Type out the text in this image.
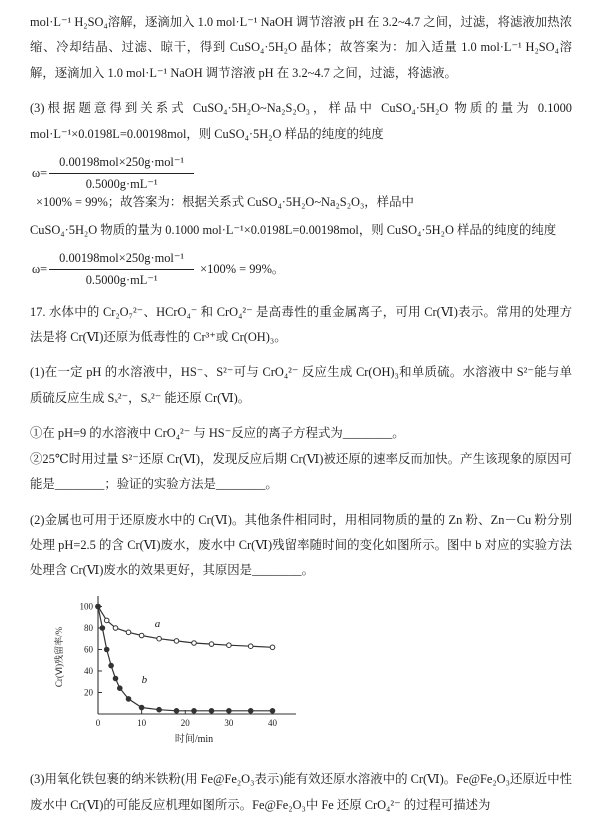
mol·L⁻¹ H₂SO₄溶解，逐滴加入 1.0 mol·L⁻¹ NaOH 调节溶液 pH 在 3.2~4.7 之间，过滤，将滤液加热浓缩、冷却结晶、过滤、晾干，得到 CuSO₄·5H₂O 晶体；故答案为：加入适量 1.0 mol·L⁻¹ H₂SO₄溶解，逐滴加入 1.0 mol·L⁻¹ NaOH 调节溶液 pH 在 3.2~4.7 之间，过滤，将滤液。

(3)根据题意得到关系式 CuSO₄·5H₂O~Na₂S₂O₃，样品中 CuSO₄·5H₂O 物质的量为 0.1000 mol·L⁻¹×0.0198L=0.00198mol，则 CuSO₄·5H₂O 样品的纯度的纯度

$\omega= \frac{\text{0.00198mol×250g·mol⁻¹}}{\text{0.5000g·mL⁻¹}}$
×100% = 99%；故答案为：根据关系式 CuSO₄·5H₂O~Na₂S₂O₃，样品中

CuSO₄·5H₂O 物质的量为 0.1000 mol·L⁻¹×0.0198L=0.00198mol，则 CuSO₄·5H₂O 样品的纯度的纯度

$\omega= \frac{\text{0.00198mol×250g·mol⁻¹}}{\text{0.5000g·mL⁻¹}} \times 100\% = 99\%$。

17. 水体中的 Cr₂O₇²⁻、HCrO₄⁻ 和 CrO₄²⁻ 是高毒性的重金属离子，可用 Cr(Ⅵ)表示。常用的处理方法是将 Cr(Ⅵ)还原为低毒性的 Cr³⁺或 Cr(OH)₃。

(1)在一定 pH 的水溶液中，HS⁻、S²⁻可与 CrO₄²⁻ 反应生成 Cr(OH)₃和单质硫。水溶液中 S²⁻能与单质硫反应生成 Sₓ²⁻，Sₓ²⁻ 能还原 Cr(Ⅵ)。

①在 pH=9 的水溶液中 CrO₄²⁻ 与 HS⁻反应的离子方程式为________。

②25℃时用过量 S²⁻还原 Cr(Ⅵ)，发现反应后期 Cr(Ⅵ)被还原的速率反而加快。产生该现象的原因可能是________；验证的实验方法是________。

(2)金属也可用于还原废水中的 Cr(Ⅵ)。其他条件相同时，用相同物质的量的 Zn 粉、Zn－Cu 粉分别处理 pH=2.5 的含 Cr(Ⅵ)废水，废水中 Cr(Ⅵ)残留率随时间的变化如图所示。图中 b 对应的实验方法处理含 Cr(Ⅵ)废水的效果更好，其原因是________。

20
40
60
80
100
0	10	20	30	40
a
b
时间/min
Cr(Ⅵ)残留率/%

(3)用氧化铁包裹的纳米铁粉(用 Fe@Fe₂O₃表示)能有效还原水溶液中的 Cr(Ⅵ)。Fe@Fe₂O₃还原近中性废水中 Cr(Ⅵ)的可能反应机理如图所示。Fe@Fe₂O₃中 Fe 还原 CrO₄²⁻ 的过程可描述为
